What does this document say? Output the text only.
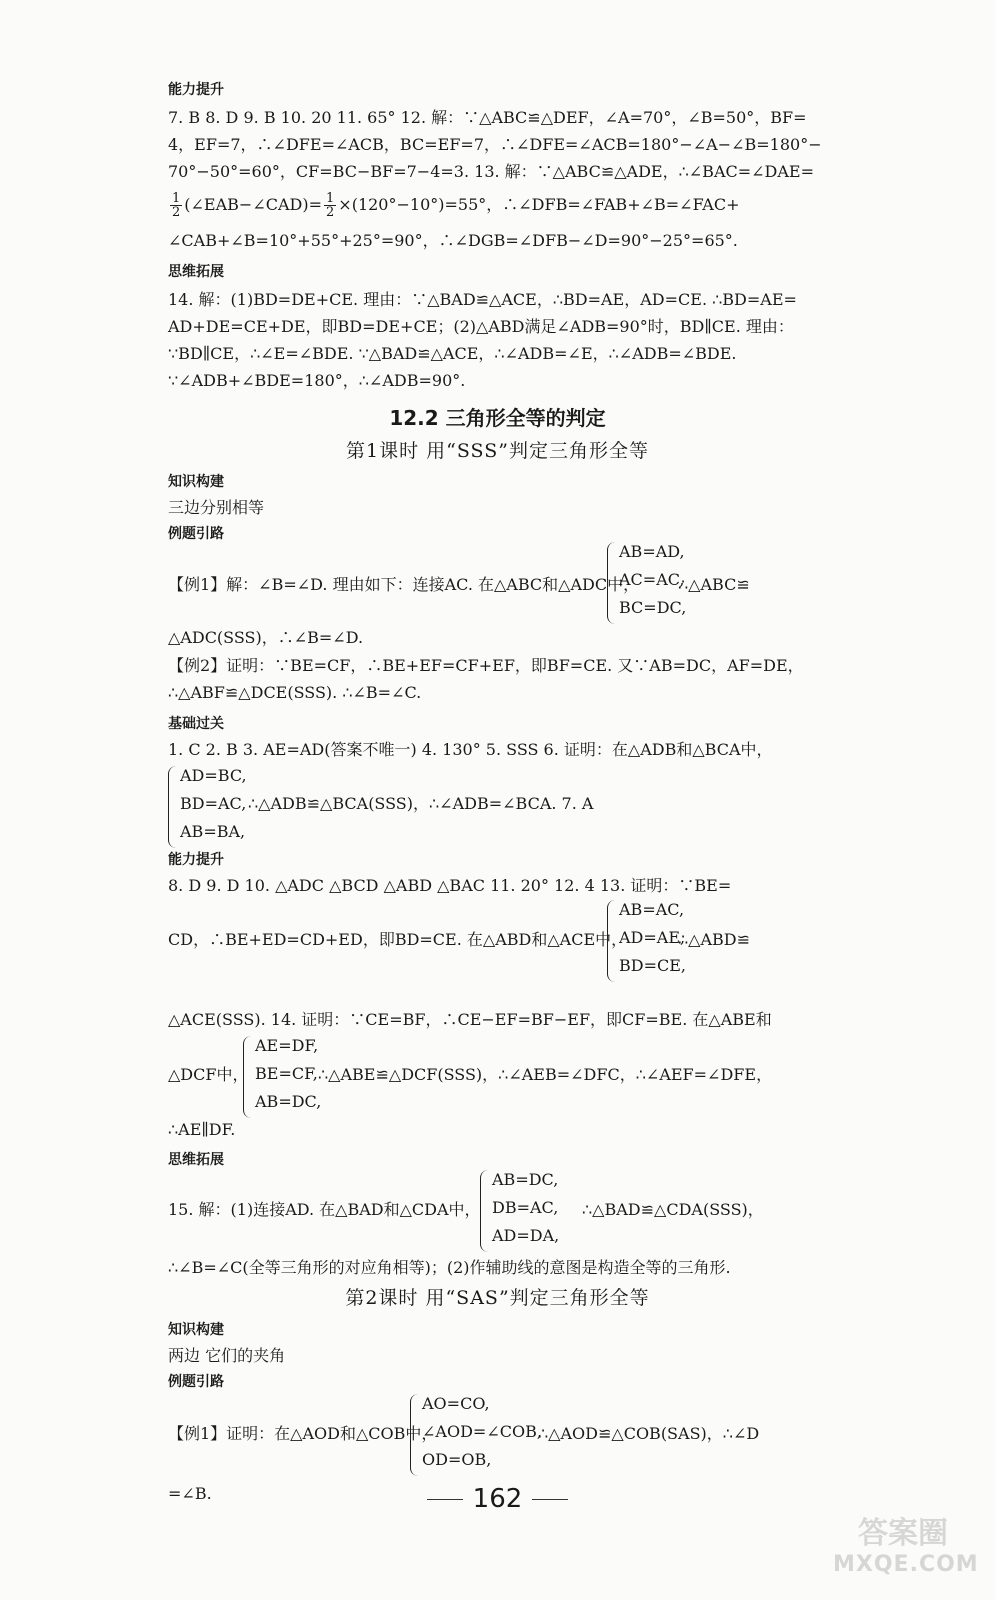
能力提升
7. B 8. D 9. B 10. 20 11. 65° 12. 解：∵△ABC≌△DEF，∠A=70°，∠B=50°，BF=
4，EF=7，∴∠DFE=∠ACB，BC=EF=7，∴∠DFE=∠ACB=180°−∠A−∠B=180°−
70°−50°=60°，CF=BC−BF=7−4=3. 13. 解：∵△ABC≌△ADE，∴∠BAC=∠DAE=
$\frac{1}{2}$ (∠EAB−∠CAD)= $\frac{1}{2} \times(120^\circ-10^\circ)=55^\circ$，∴∠DFB=∠FAB+∠B=∠FAC+
∠CAB+∠B=10°+55°+25°=90°，∴∠DGB=∠DFB−∠D=90°−25°=65°.
思维拓展
14. 解：(1)BD=DE+CE. 理由：∵△BAD≌△ACE，∴BD=AE，AD=CE. ∴BD=AE=
AD+DE=CE+DE，即BD=DE+CE；(2)△ABD满足∠ADB=90°时，BD∥CE. 理由：
∵BD∥CE，∴∠E=∠BDE. ∵△BAD≌△ACE，∴∠ADB=∠E，∴∠ADB=∠BDE.
∵∠ADB+∠BDE=180°，∴∠ADB=90°.
12.2 三角形全等的判定
第1课时 用“SSS”判定三角形全等
知识构建
三边分别相等
例题引路
【例1】解：∠B=∠D. 理由如下：连接AC. 在△ABC和△ADC中，
AB=AD,
AC=AC,
BC=DC,
∴△ABC≌
△ADC(SSS)，∴∠B=∠D.
【例2】证明：∵BE=CF，∴BE+EF=CF+EF，即BF=CE. 又∵AB=DC，AF=DE，
∴△ABF≌△DCE(SSS). ∴∠B=∠C.
基础过关
1. C 2. B 3. AE=AD(答案不唯一) 4. 130° 5. SSS 6. 证明：在△ADB和△BCA中，
AD=BC,
BD=AC,
AB=BA,
∴△ADB≌△BCA(SSS)，∴∠ADB=∠BCA. 7. A
能力提升
8. D 9. D 10. △ADC △BCD △ABD △BAC 11. 20° 12. 4 13. 证明：∵BE=
CD，∴BE+ED=CD+ED，即BD=CE. 在△ABD和△ACE中，
AB=AC,
AD=AE,
BD=CE,
∴△ABD≌
△ACE(SSS). 14. 证明：∵CE=BF，∴CE−EF=BF−EF，即CF=BE. 在△ABE和
△DCF中，
AE=DF,
BE=CF,
AB=DC,
∴△ABE≌△DCF(SSS)，∴∠AEB=∠DFC，∴∠AEF=∠DFE，
∴AE∥DF.
思维拓展
15. 解：(1)连接AD. 在△BAD和△CDA中，
AB=DC,
DB=AC,
AD=DA,
∴△BAD≌△CDA(SSS)，
∴∠B=∠C(全等三角形的对应角相等)；(2)作辅助线的意图是构造全等的三角形.
第2课时 用“SAS”判定三角形全等
知识构建
两边 它们的夹角
例题引路
【例1】证明：在△AOD和△COB中，
AO=CO,
∠AOD=∠COB,
OD=OB,
∴△AOD≌△COB(SAS)，∴∠D
=∠B.	162
答案圈
MXQE.COM
